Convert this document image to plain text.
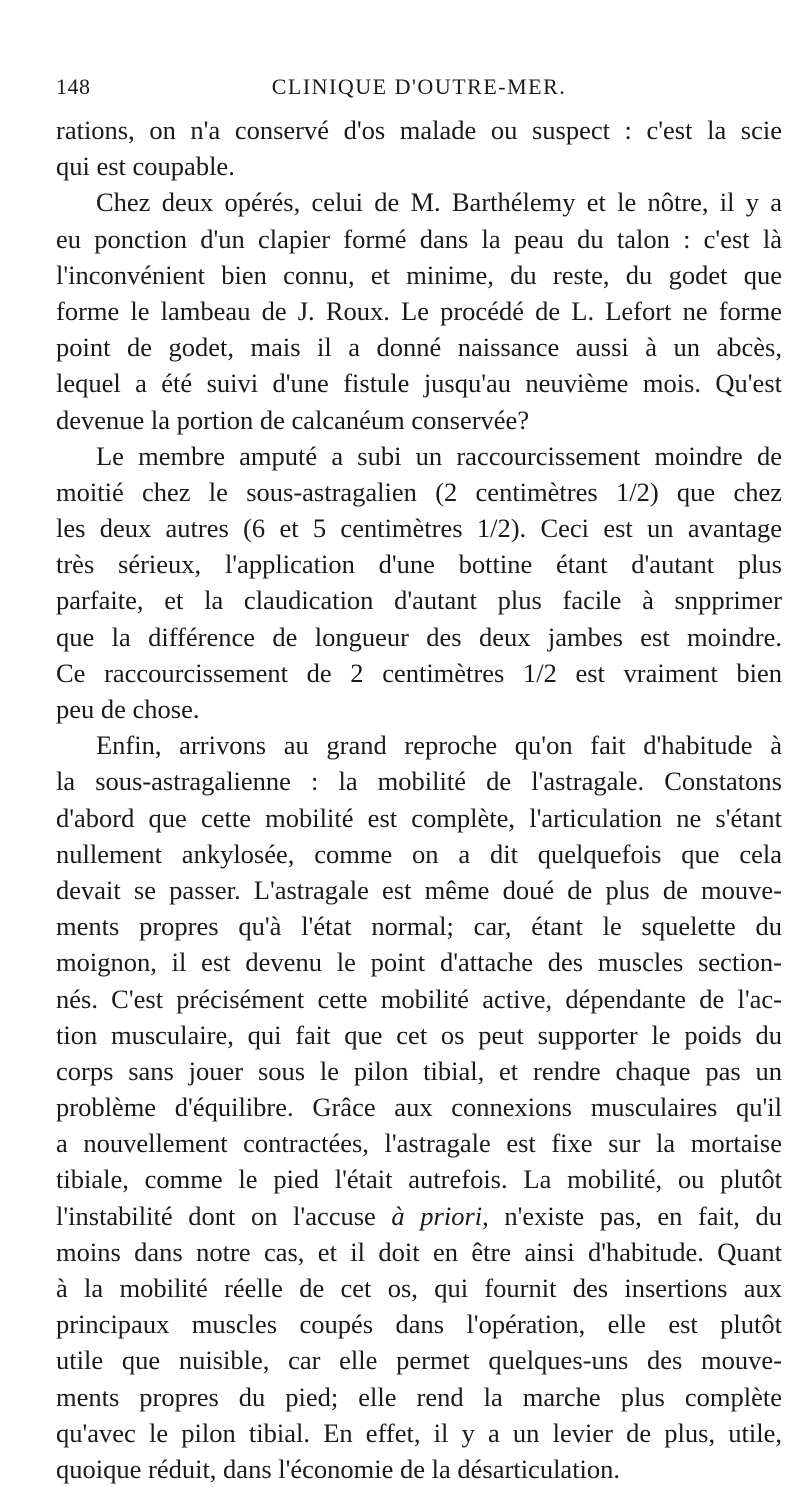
148	CLINIQUE D'OUTRE-MER.
rations, on n'a conservé d'os malade ou suspect : c'est la scie
qui est coupable.
Chez deux opérés, celui de M. Barthélemy et le nôtre, il y a
eu ponction d'un clapier formé dans la peau du talon : c'est là
l'inconvénient bien connu, et minime, du reste, du godet que
forme le lambeau de J. Roux. Le procédé de L. Lefort ne forme
point de godet, mais il a donné naissance aussi à un abcès,
lequel a été suivi d'une fistule jusqu'au neuvième mois. Qu'est
devenue la portion de calcanéum conservée?
Le membre amputé a subi un raccourcissement moindre de
moitié chez le sous-astragalien (2 centimètres 1/2) que chez
les deux autres (6 et 5 centimètres 1/2). Ceci est un avantage
très sérieux, l'application d'une bottine étant d'autant plus
parfaite, et la claudication d'autant plus facile à snpprimer
que la différence de longueur des deux jambes est moindre.
Ce raccourcissement de 2 centimètres 1/2 est vraiment bien
peu de chose.
Enfin, arrivons au grand reproche qu'on fait d'habitude à
la sous-astragalienne : la mobilité de l'astragale. Constatons
d'abord que cette mobilité est complète, l'articulation ne s'étant
nullement ankylosée, comme on a dit quelquefois que cela
devait se passer. L'astragale est même doué de plus de mouve-
ments propres qu'à l'état normal; car, étant le squelette du
moignon, il est devenu le point d'attache des muscles section-
nés. C'est précisément cette mobilité active, dépendante de l'ac-
tion musculaire, qui fait que cet os peut supporter le poids du
corps sans jouer sous le pilon tibial, et rendre chaque pas un
problème d'équilibre. Grâce aux connexions musculaires qu'il
a nouvellement contractées, l'astragale est fixe sur la mortaise
tibiale, comme le pied l'était autrefois. La mobilité, ou plutôt
l'instabilité dont on l'accuse à priori, n'existe pas, en fait, du
moins dans notre cas, et il doit en être ainsi d'habitude. Quant
à la mobilité réelle de cet os, qui fournit des insertions aux
principaux muscles coupés dans l'opération, elle est plutôt
utile que nuisible, car elle permet quelques-uns des mouve-
ments propres du pied; elle rend la marche plus complète
qu'avec le pilon tibial. En effet, il y a un levier de plus, utile,
quoique réduit, dans l'économie de la désarticulation.
